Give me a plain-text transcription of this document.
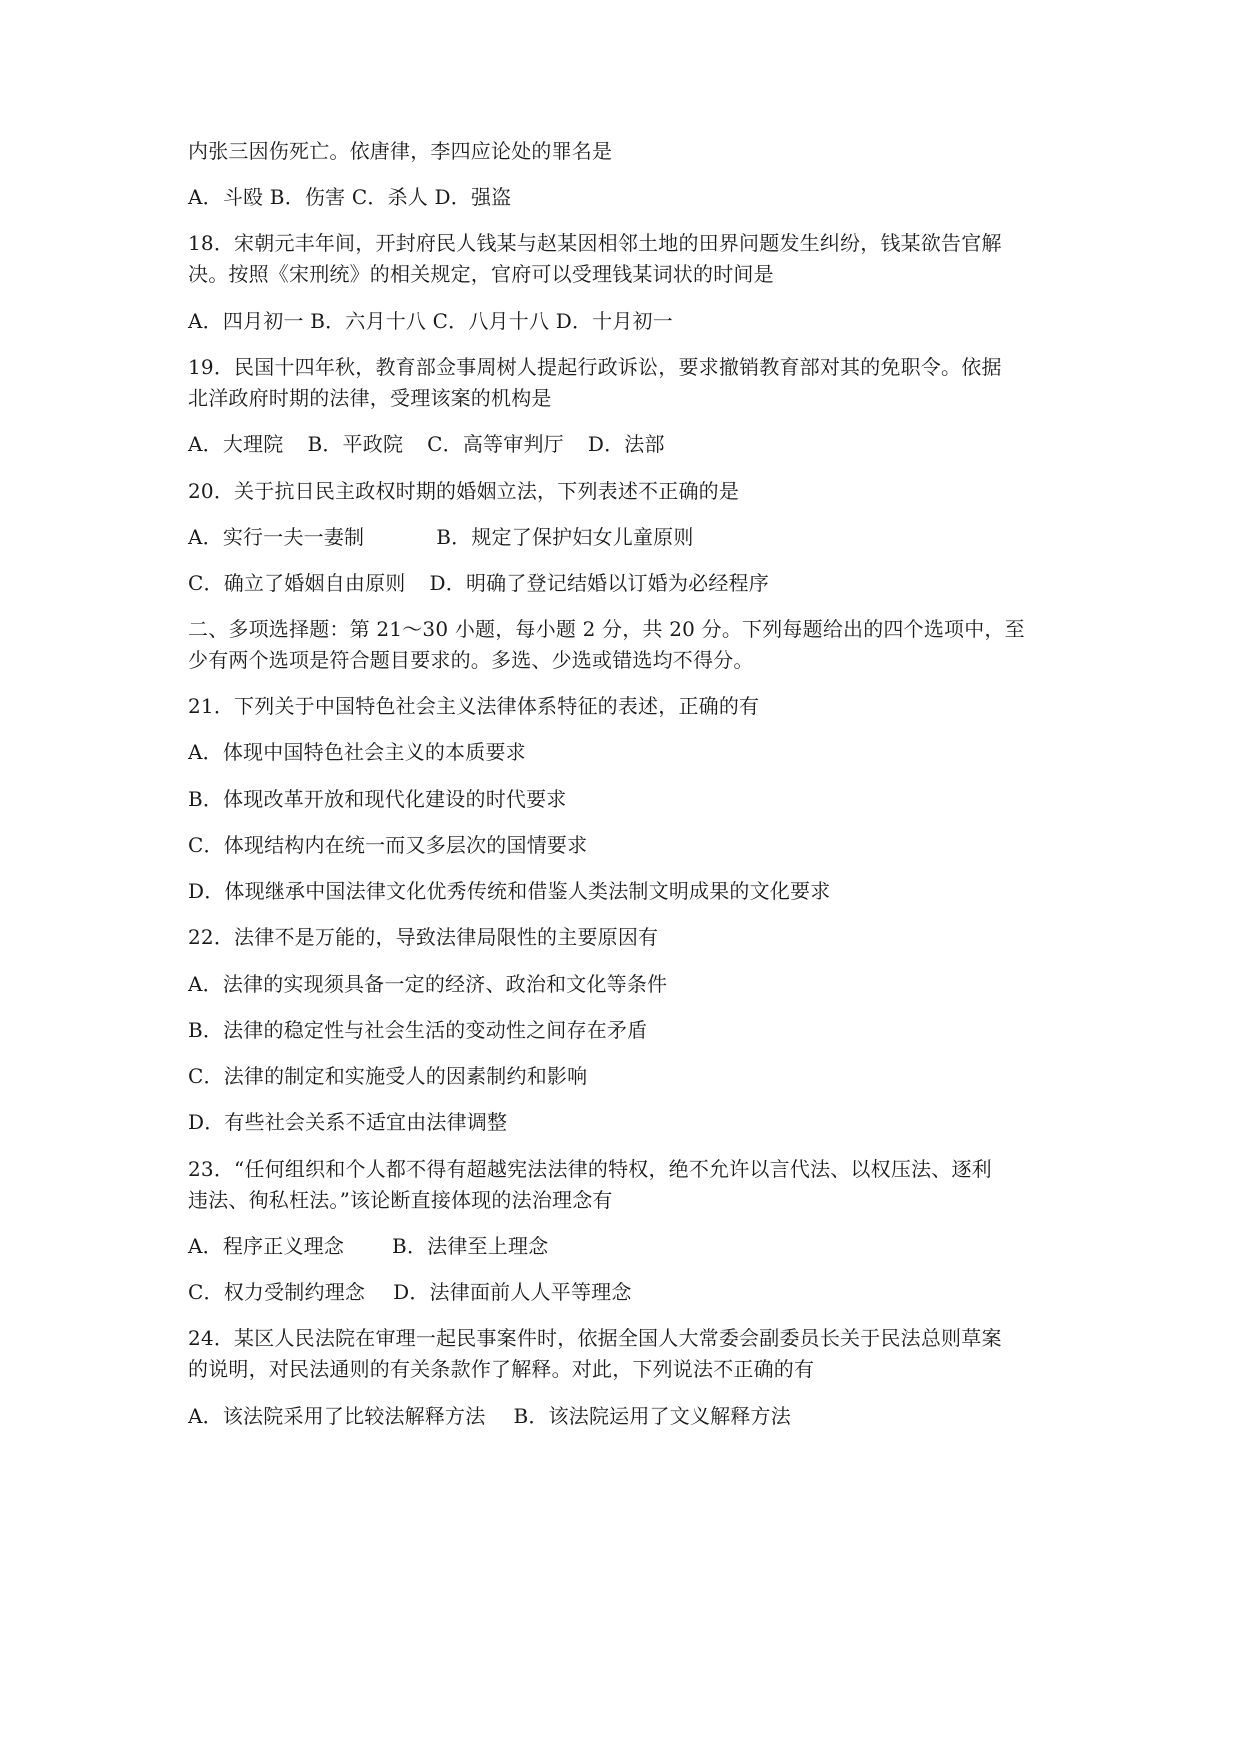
内张三因伤死亡。依唐律，李四应论处的罪名是
A．斗殴 B．伤害 C．杀人 D．强盗
18．宋朝元丰年间，开封府民人钱某与赵某因相邻土地的田界问题发生纠纷，钱某欲告官解
决。按照《宋刑统》的相关规定，官府可以受理钱某词状的时间是
A．四月初一 B．六月十八 C．八月十八 D．十月初一
19．民国十四年秋，教育部佥事周树人提起行政诉讼，要求撤销教育部对其的免职令。依据
北洋政府时期的法律，受理该案的机构是
A．大理院 B．平政院 C．高等审判厅 D．法部
20．关于抗日民主政权时期的婚姻立法，下列表述不正确的是
A．实行一夫一妻制	B．规定了保护妇女儿童原则
C．确立了婚姻自由原则 D．明确了登记结婚以订婚为必经程序
二、多项选择题：第 21～30 小题，每小题 2 分，共 20 分。下列每题给出的四个选项中，至
少有两个选项是符合题目要求的。多选、少选或错选均不得分。
21．下列关于中国特色社会主义法律体系特征的表述，正确的有
A．体现中国特色社会主义的本质要求
B．体现改革开放和现代化建设的时代要求
C．体现结构内在统一而又多层次的国情要求
D．体现继承中国法律文化优秀传统和借鉴人类法制文明成果的文化要求
22．法律不是万能的，导致法律局限性的主要原因有
A．法律的实现须具备一定的经济、政治和文化等条件
B．法律的稳定性与社会生活的变动性之间存在矛盾
C．法律的制定和实施受人的因素制约和影响
D．有些社会关系不适宜由法律调整
23．“任何组织和个人都不得有超越宪法法律的特权，绝不允许以言代法、以权压法、逐利
违法、徇私枉法。”该论断直接体现的法治理念有
A．程序正义理念 B．法律至上理念
C．权力受制约理念 D．法律面前人人平等理念
24．某区人民法院在审理一起民事案件时，依据全国人大常委会副委员长关于民法总则草案
的说明，对民法通则的有关条款作了解释。对此，下列说法不正确的有
A．该法院采用了比较法解释方法 B．该法院运用了文义解释方法
